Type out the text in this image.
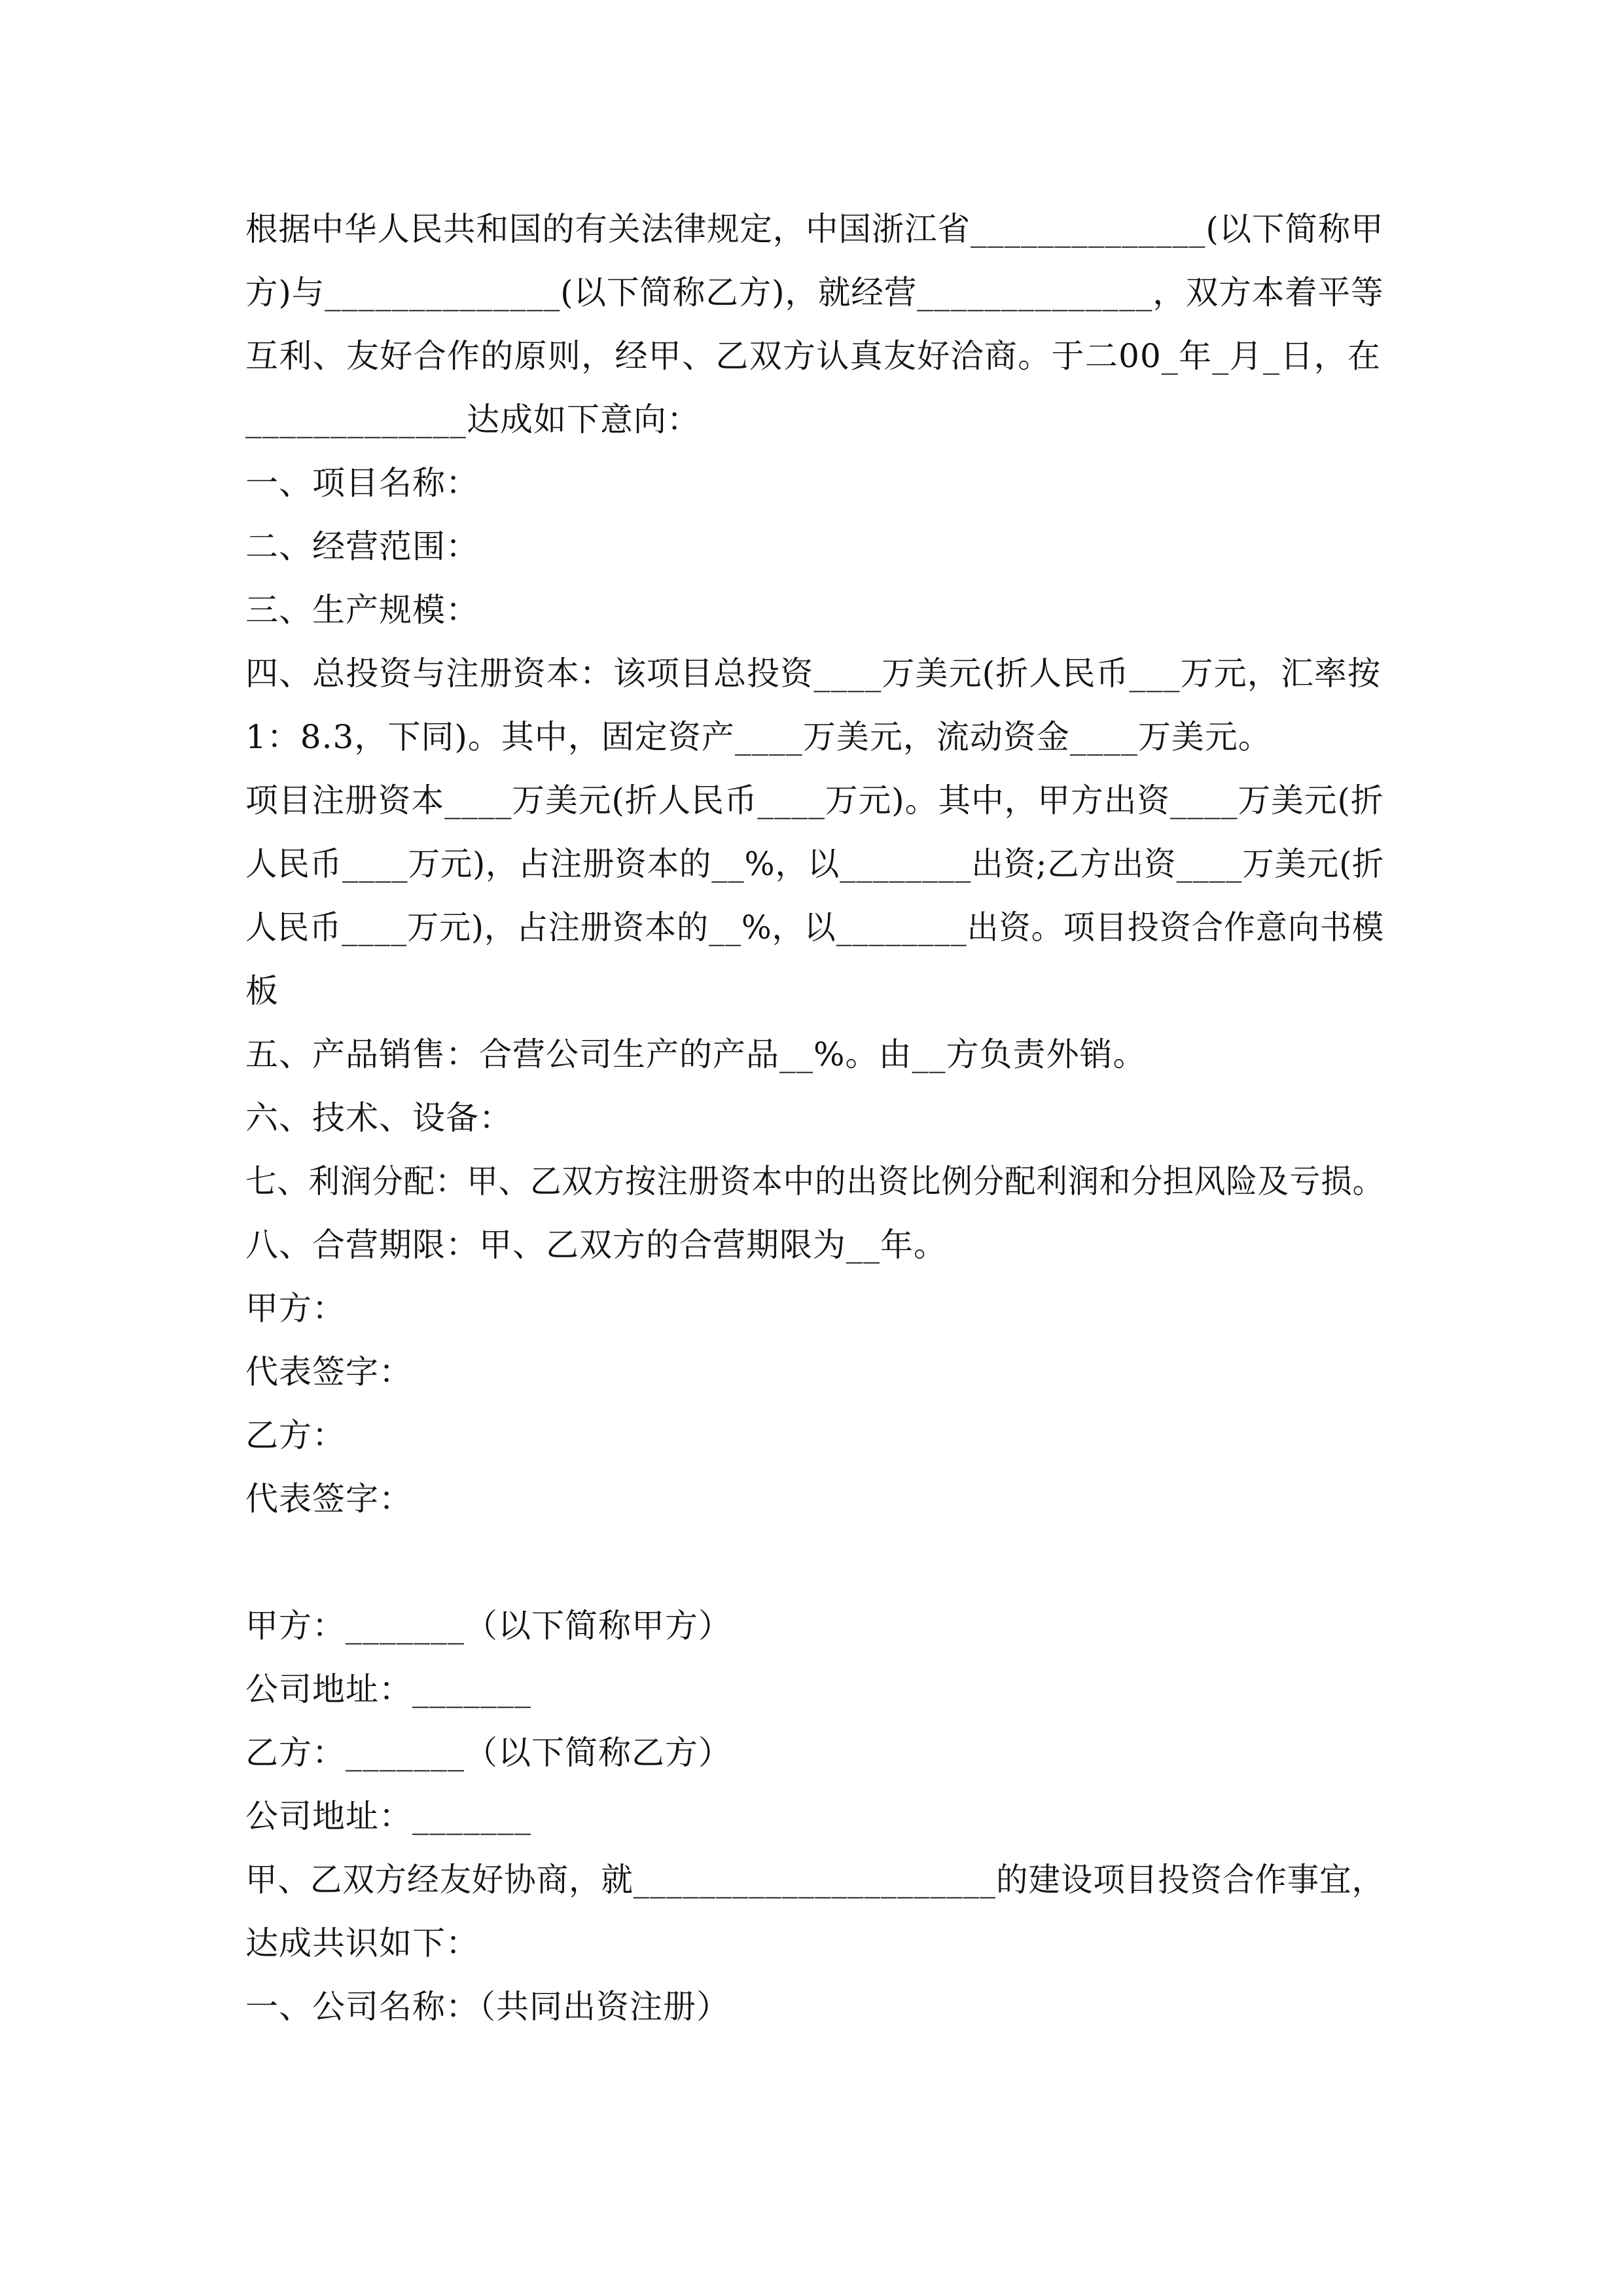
根据中华人民共和国的有关法律规定，中国浙江省______________(以下简称甲
方)与______________(以下简称乙方)，就经营______________，双方本着平等
互利、友好合作的原则，经甲、乙双方认真友好洽商。于二00_年_月_日，在
_____________达成如下意向：
一、项目名称：
二、经营范围：
三、生产规模：
四、总投资与注册资本：该项目总投资____万美元(折人民币___万元，汇率按
1：8.3，下同)。其中，固定资产____万美元，流动资金____万美元。
项目注册资本____万美元(折人民币____万元)。其中，甲方出资____万美元(折
人民币____万元)，占注册资本的__%，以________出资;乙方出资____万美元(折
人民币____万元)，占注册资本的__%，以________出资。项目投资合作意向书模
板
五、产品销售：合营公司生产的产品__%。由__方负责外销。
六、技术、设备：
七、利润分配：甲、乙双方按注册资本中的出资比例分配利润和分担风险及亏损。
八、合营期限：甲、乙双方的合营期限为__年。
甲方：
代表签字：
乙方：
代表签字：
甲方：_______（以下简称甲方）
公司地址：_______
乙方：_______（以下简称乙方）
公司地址：_______
甲、乙双方经友好协商，就______________________的建设项目投资合作事宜，
达成共识如下：
一、公司名称：（共同出资注册）
